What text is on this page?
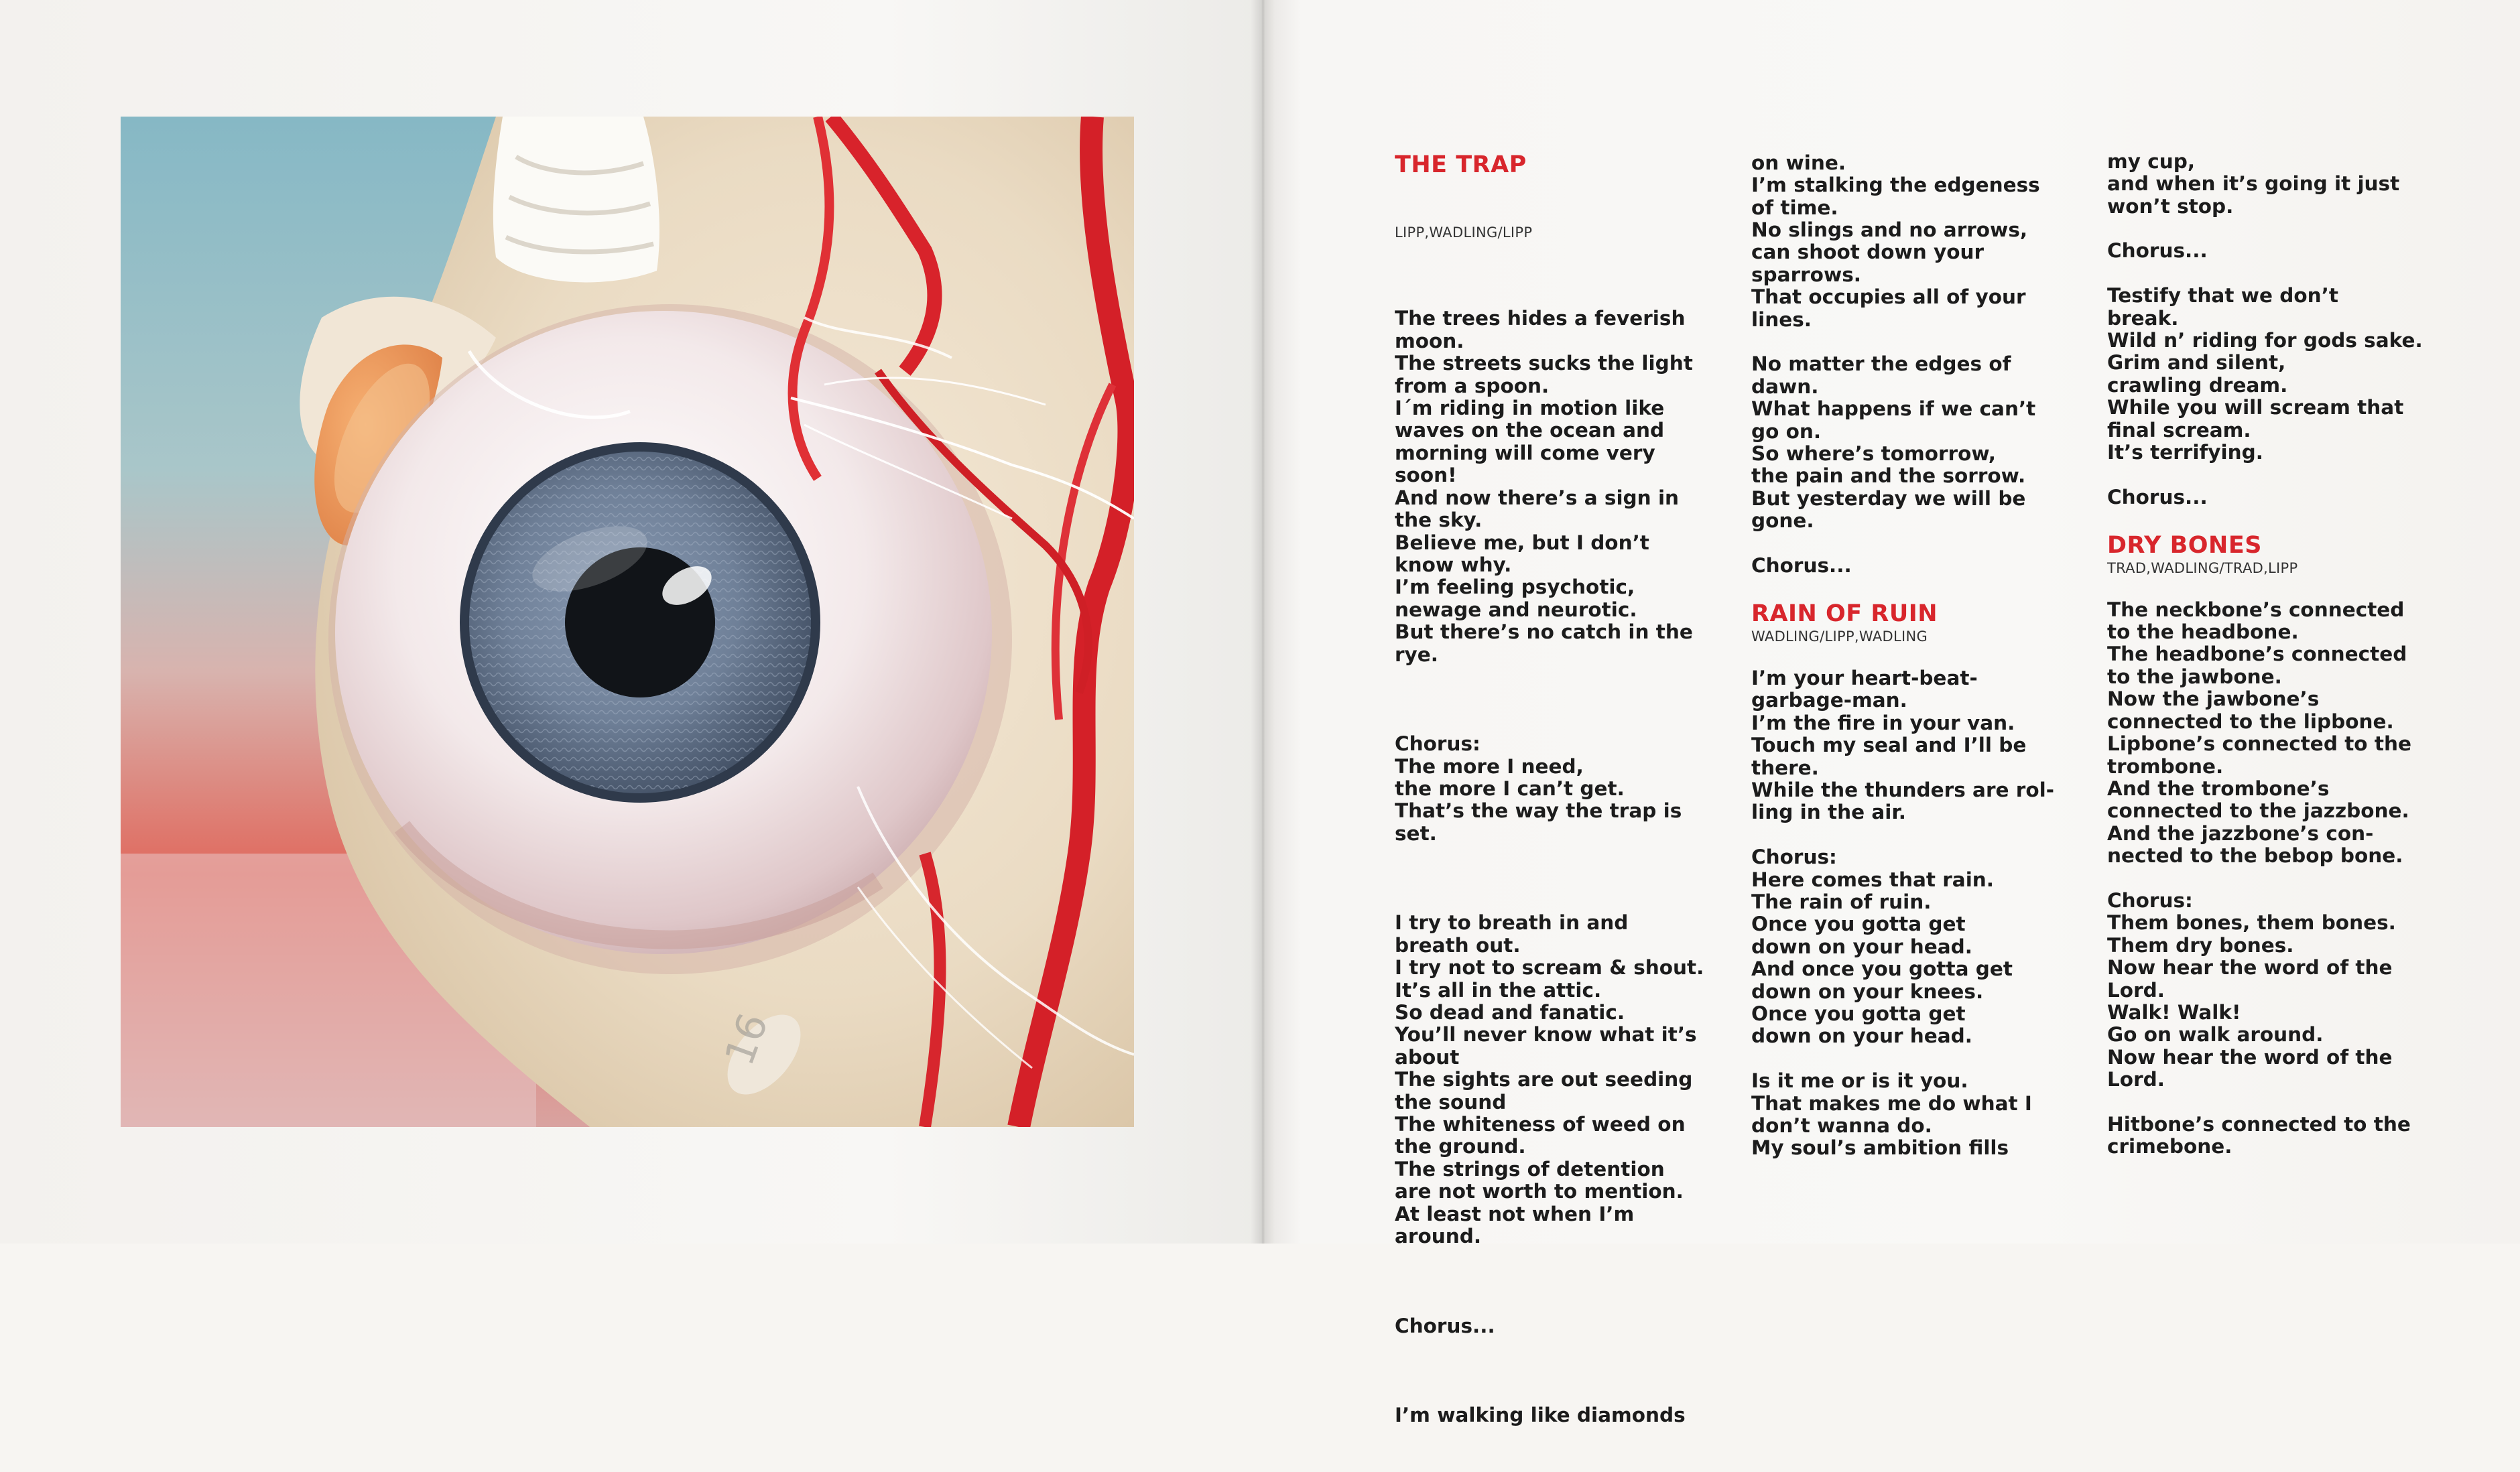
16

THE TRAP

LIPP,WADLING/LIPP

The trees hides a feverish
moon.
The streets sucks the light
from a spoon.
I´m riding in motion like
waves on the ocean and
morning will come very
soon!
And now there’s a sign in
the sky.
Believe me, but I don’t
know why.
I’m feeling psychotic,
newage and neurotic.
But there’s no catch in the
rye.

Chorus:
The more I need,
the more I can’t get.
That’s the way the trap is
set.

I try to breath in and
breath out.
I try not to scream & shout.
It’s all in the attic.
So dead and fanatic.
You’ll never know what it’s
about
The sights are out seeding
the sound
The whiteness of weed on
the ground.
The strings of detention
are not worth to mention.
At least not when I’m
around.

Chorus...

I’m walking like diamonds

on wine.
I’m stalking the edgeness
of time.
No slings and no arrows,
can shoot down your
sparrows.
That occupies all of your
lines.
No matter the edges of
dawn.
What happens if we can’t
go on.
So where’s tomorrow,
the pain and the sorrow.
But yesterday we will be
gone.
Chorus...
RAIN OF RUIN
WADLING/LIPP,WADLING
I’m your heart-beat-
garbage-man.
I’m the fire in your van.
Touch my seal and I’ll be
there.
While the thunders are rol-
ling in the air.
Chorus:
Here comes that rain.
The rain of ruin.
Once you gotta get
down on your head.
And once you gotta get
down on your knees.
Once you gotta get
down on your head.
Is it me or is it you.
That makes me do what I
don’t wanna do.
My soul’s ambition fills

my cup,
and when it’s going it just
won’t stop.
Chorus...
Testify that we don’t
break.
Wild n’ riding for gods sake.
Grim and silent,
crawling dream.
While you will scream that
final scream.
It’s terrifying.
Chorus...
DRY BONES
TRAD,WADLING/TRAD,LIPP
The neckbone’s connected
to the headbone.
The headbone’s connected
to the jawbone.
Now the jawbone’s
connected to the lipbone.
Lipbone’s connected to the
trombone.
And the trombone’s
connected to the jazzbone.
And the jazzbone’s con-
nected to the bebop bone.
Chorus:
Them bones, them bones.
Them dry bones.
Now hear the word of the
Lord.
Walk! Walk!
Go on walk around.
Now hear the word of the
Lord.
Hitbone’s connected to the
crimebone.
